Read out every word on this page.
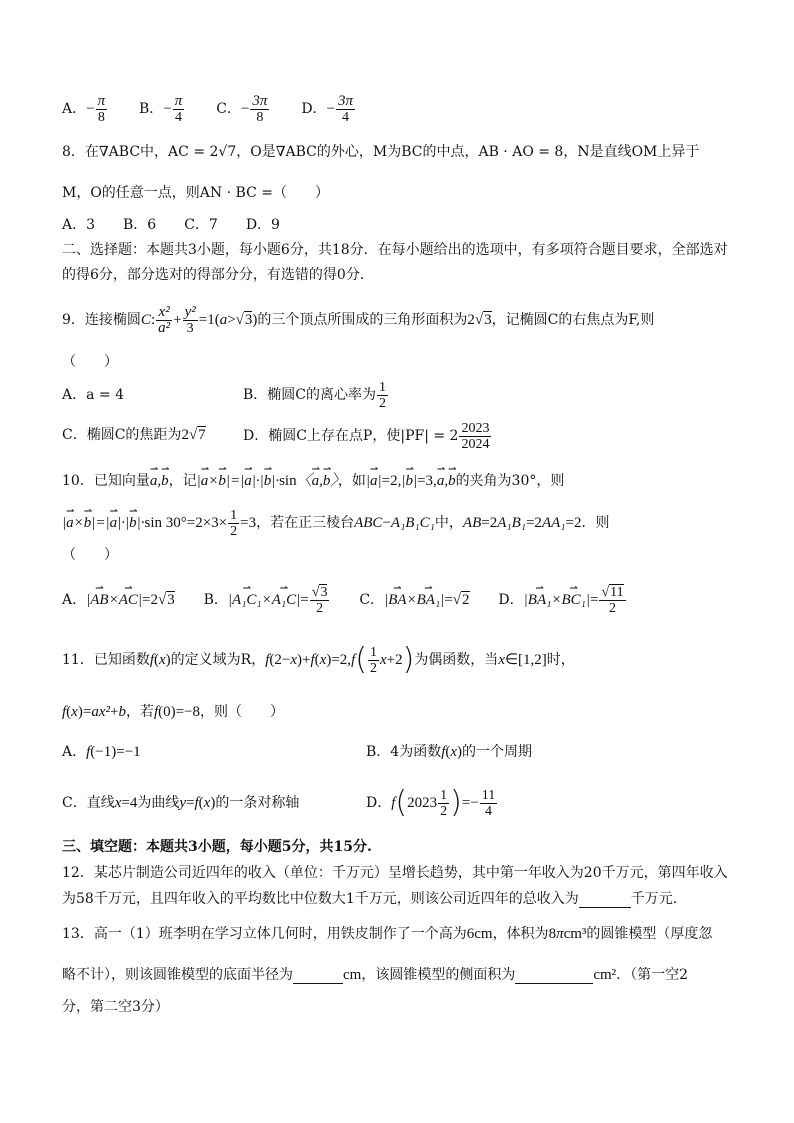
A．− $\frac{\pi}{8}$ B．− $\frac{\pi}{4}$ C．− $\frac{3\pi}{8}$ D．− $\frac{3\pi}{4}$
8．在∇ABC中，AC = 2√7，O是∇ABC的外心，M为BC的中点，AB · AO = 8，N是直线OM上异于
M，O的任意一点，则AN · BC =（　　）
A．3　　B．6　　C．7　　D．9
二、选择题：本题共3小题，每小题6分，共18分．在每小题给出的选项中，有多项符合题目要求，全部选对
的得6分，部分选对的得部分分，有选错的得0分．
9．连接椭圆C: $\frac{\text{x²}}{\text{a²}} + \frac{\text{y²}}{3} =1(a>√3)$的三个顶点所围成的三角形面积为2√3，记椭圆C的右焦点为F,则
（　　）
A．a = 4	B．椭圆C的离心率为 $\frac{1}{2}$
C．椭圆C的焦距为2√7	D．椭圆C上存在点P，使$|PF| = 2 \frac{2023}{2024}$
10．已知向量⇀ a,⇀ b，记|⇀ a×⇀ b|=|⇀ a|·|⇀ b|·sin〈⇀ a,⇀ b〉，如|⇀ a|=2,|⇀ b|=3,⇀ a,⇀ b的夹角为30°，则
|⇀ a×⇀ b|=|⇀ a|·|⇀ b|·sin $30^\circ=2\times 3\times \frac{1}{2} =3$，若在正三棱台ABC−A₁B₁C₁中，AB=2A₁B₁=2AA₁=2．则
（　　）
A．|⇀ AB×⇀ AC|=2√3 B．|⇀ A₁C₁×⇀ $A_1C|= \frac{√3}{2}$ C．|⇀ BA×⇀ BA₁|=√2 D．|⇀ BA₁×⇀ $BC_1|= \frac{√11}{2}$
11．已知函数f(x)的定义域为R，$f(2-x)+f(x)=2,f( \frac{1}{2} x+2)$为偶函数，当x∈[1,2]时，
f(x)=ax²+b，若f(0)=−8，则（　　）
A．f(−1)=−1	B．4为函数f(x)的一个周期
C．直线x=4为曲线y=f(x)的一条对称轴	D．$f(2023 \frac{1}{2}$ )=− $\frac{11}{4}$
三、填空题：本题共3小题，每小题5分，共15分.
12．某芯片制造公司近四年的收入（单位：千万元）呈增长趋势，其中第一年收入为20千万元，第四年收入
为58千万元，且四年收入的平均数比中位数大1千万元，则该公司近四年的总收入为	千万元．
13．高一（1）班李明在学习立体几何时，用铁皮制作了一个高为6cm，体积为8πcm³的圆锥模型（厚度忽
略不计），则该圆锥模型的底面半径为	cm，该圆锥模型的侧面积为	cm²．（第一空2
分，第二空3分）
